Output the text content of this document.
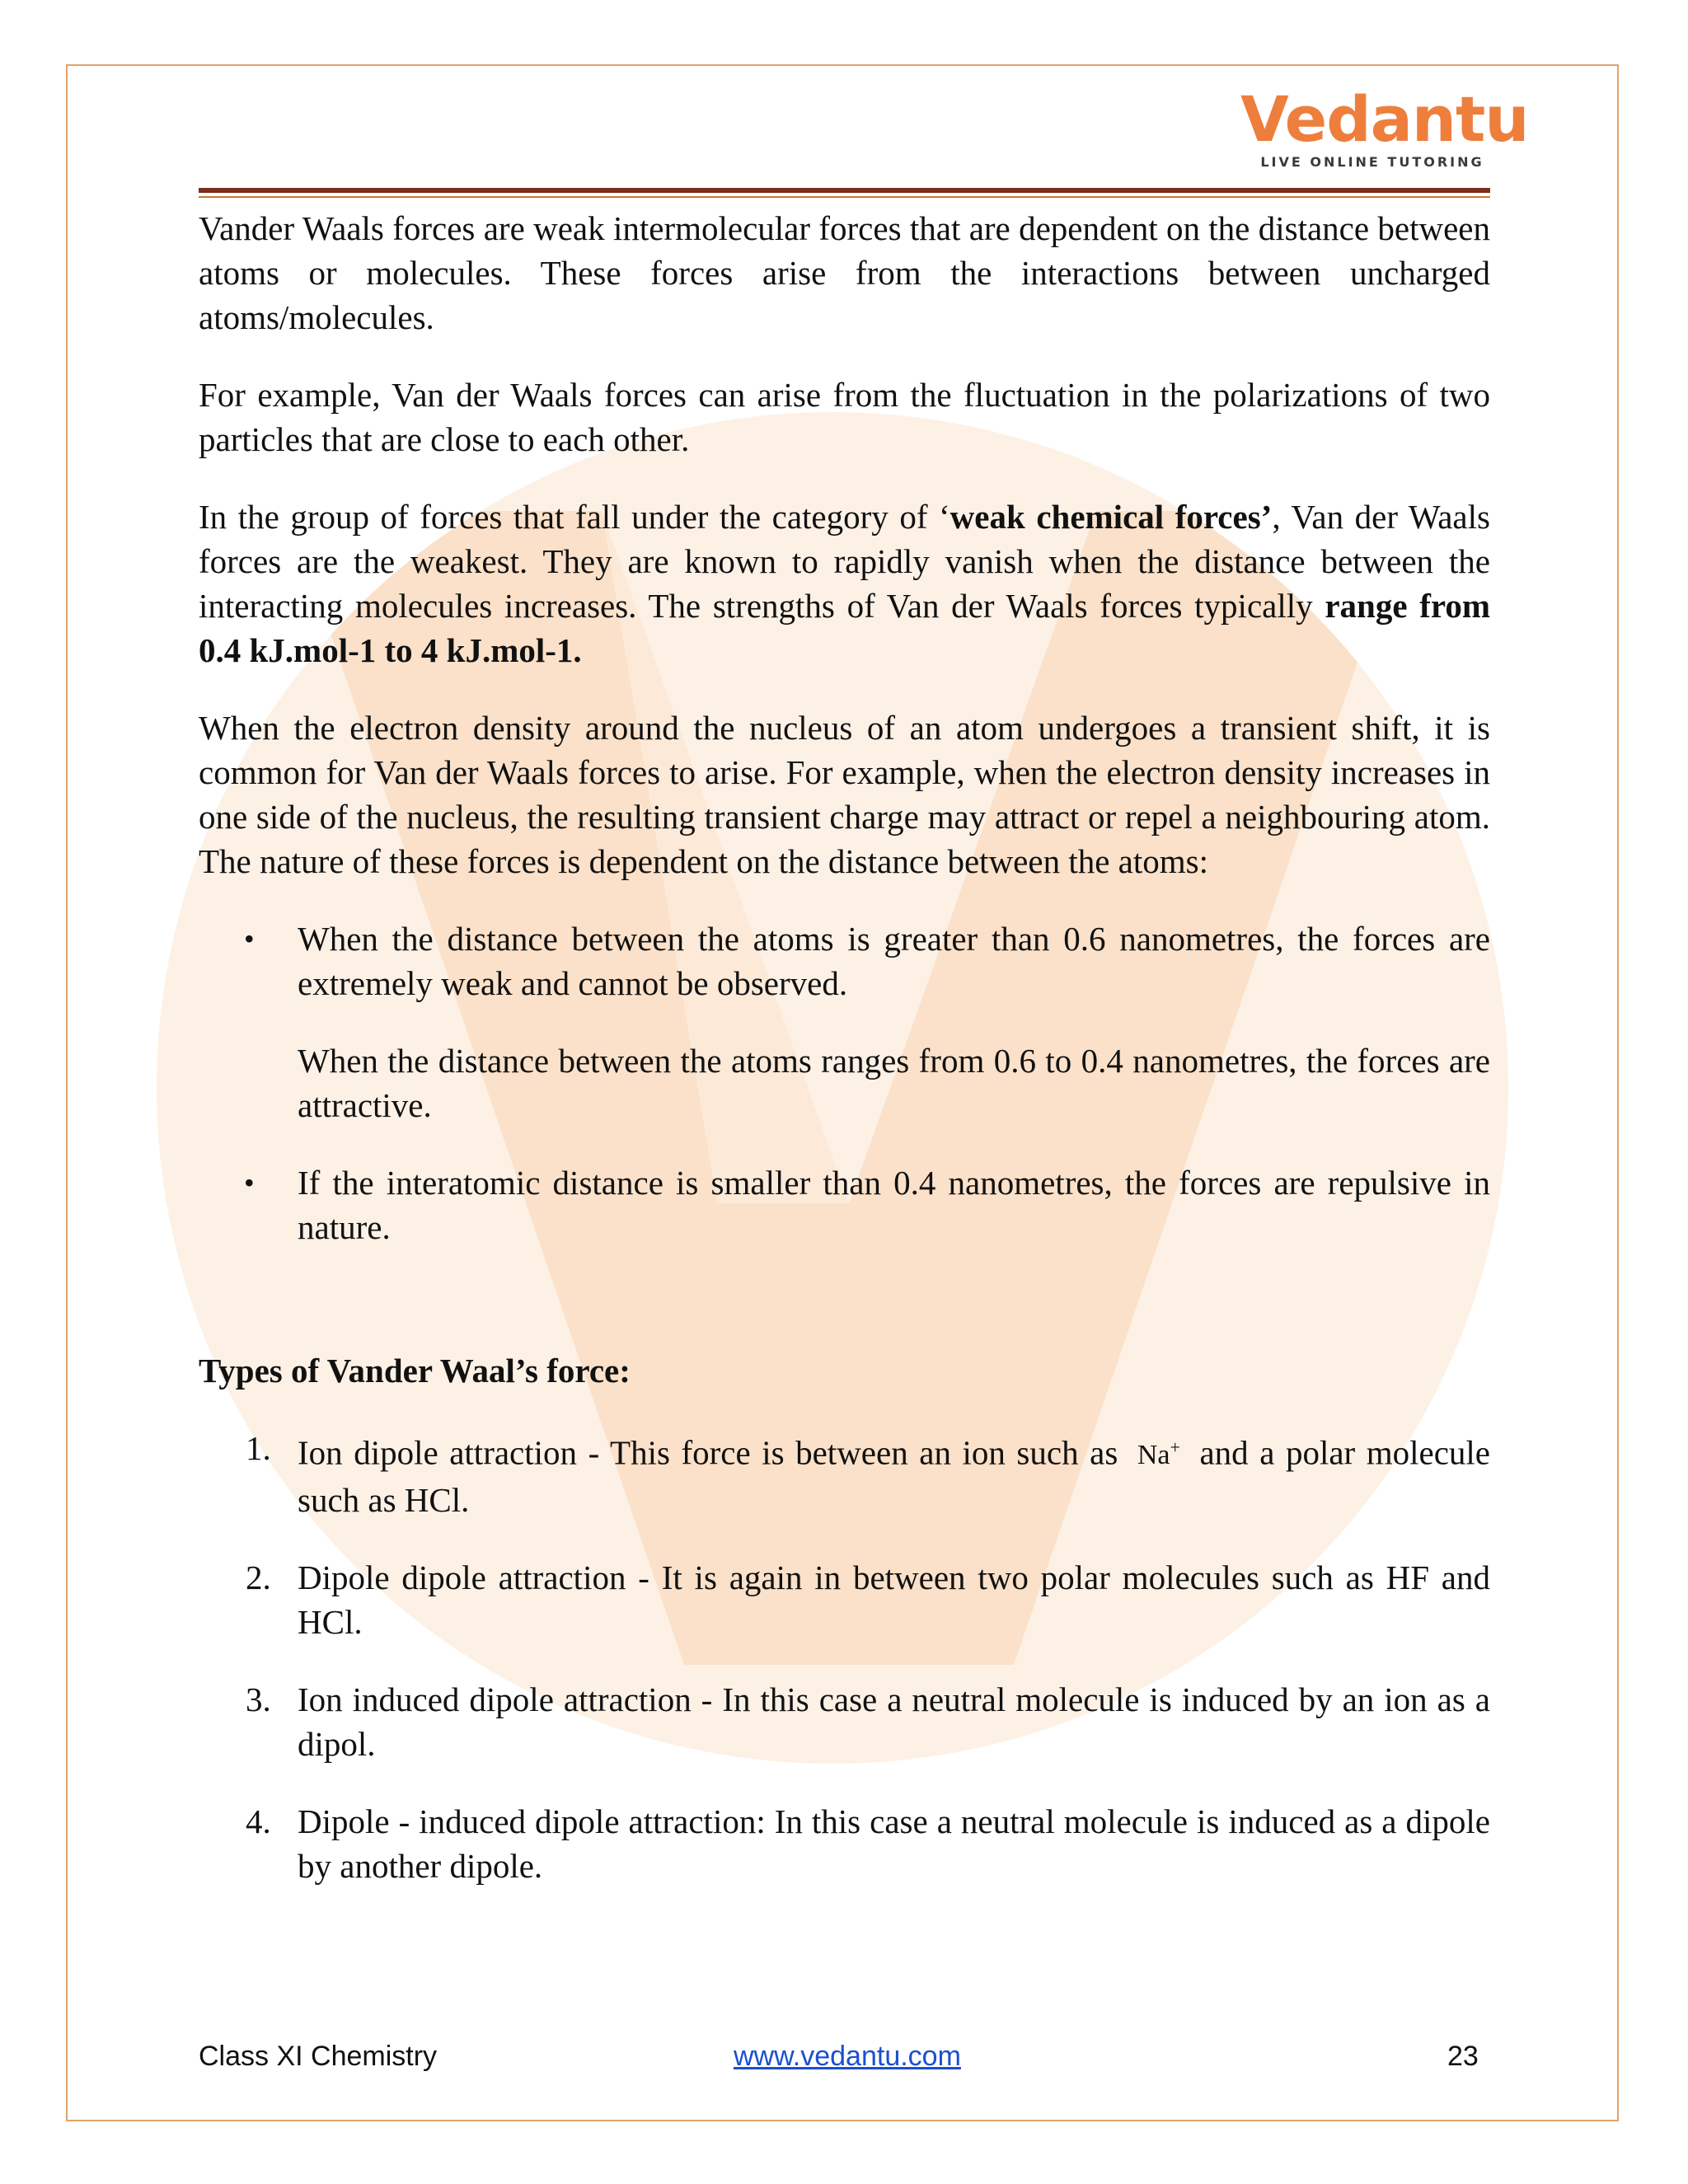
Vedantu
LIVE ONLINE TUTORING

Vander Waals forces are weak intermolecular forces that are dependent on the distance between atoms or molecules. These forces arise from the interactions between uncharged atoms/molecules.

For example, Van der Waals forces can arise from the fluctuation in the polarizations of two particles that are close to each other.

In the group of forces that fall under the category of ‘weak chemical forces’, Van der Waals forces are the weakest. They are known to rapidly vanish when the distance between the interacting molecules increases. The strengths of Van der Waals forces typically range from 0.4 kJ.mol-1 to 4 kJ.mol-1.

When the electron density around the nucleus of an atom undergoes a transient shift, it is common for Van der Waals forces to arise. For example, when the electron density increases in one side of the nucleus, the resulting transient charge may attract or repel a neighbouring atom. The nature of these forces is dependent on the distance between the atoms:

• When the distance between the atoms is greater than 0.6 nanometres, the forces are extremely weak and cannot be observed.

When the distance between the atoms ranges from 0.6 to 0.4 nanometres, the forces are attractive.

• If the interatomic distance is smaller than 0.4 nanometres, the forces are repulsive in nature.
Types of Vander Waal’s force:
1. Ion dipole attraction - This force is between an ion such as Na+ and a polar molecule such as HCl.
2. Dipole dipole attraction - It is again in between two polar molecules such as HF and HCl.
3. Ion induced dipole attraction - In this case a neutral molecule is induced by an ion as a dipol.
4. Dipole - induced dipole attraction: In this case a neutral molecule is induced as a dipole by another dipole.
Class XI Chemistry	www.vedantu.com	23
